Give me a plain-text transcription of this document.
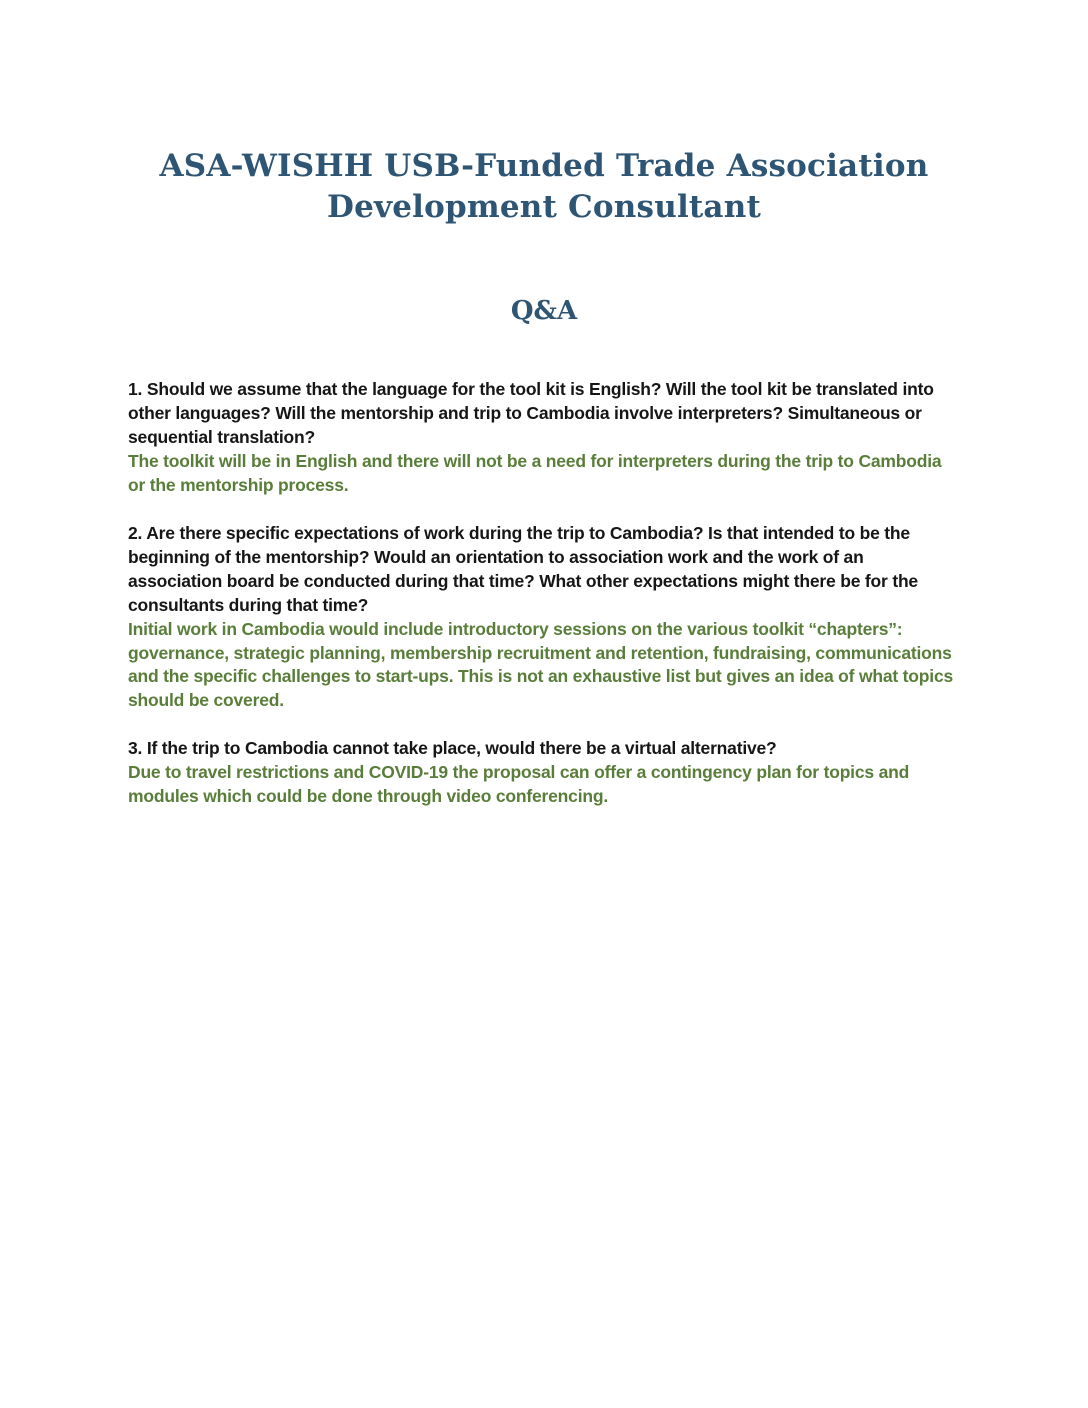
ASA-WISHH USB-Funded Trade Association
Development Consultant
Q&A

1. Should we assume that the language for the tool kit is English? Will the tool kit be translated into other languages? Will the mentorship and trip to Cambodia involve interpreters? Simultaneous or sequential translation?

The toolkit will be in English and there will not be a need for interpreters during the trip to Cambodia or the mentorship process.

2. Are there specific expectations of work during the trip to Cambodia? Is that intended to be the beginning of the mentorship? Would an orientation to association work and the work of an association board be conducted during that time? What other expectations might there be for the consultants during that time?

Initial work in Cambodia would include introductory sessions on the various toolkit “chapters”: governance, strategic planning, membership recruitment and retention, fundraising, communications and the specific challenges to start-ups. This is not an exhaustive list but gives an idea of what topics should be covered.

3. If the trip to Cambodia cannot take place, would there be a virtual alternative?

Due to travel restrictions and COVID-19 the proposal can offer a contingency plan for topics and modules which could be done through video conferencing.
